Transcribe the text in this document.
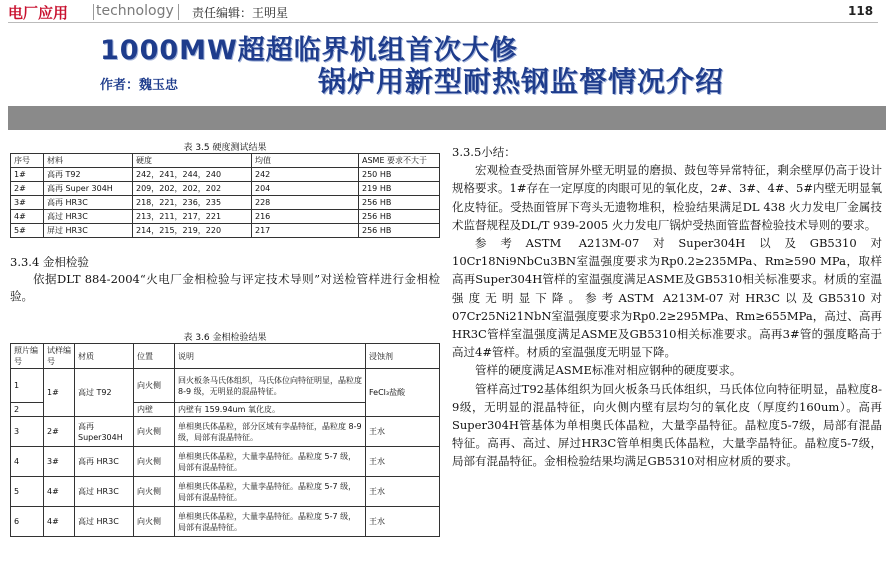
电厂应用 technology 责任编辑：王明星	118
1000MW超超临界机组首次大修
作者：魏玉忠	锅炉用新型耐热钢监督情况介绍
表 3.5 硬度测试结果
序号	材料	硬度	均值	ASME 要求不大于
1#	高再 T92	242，241，244，240	242	250 HB
2#	高再 Super 304H	209，202，202，202	204	219 HB
3#	高再 HR3C	218，221，236，235	228	256 HB
4#	高过 HR3C	213，211，217，221	216	256 HB
5#	屏过 HR3C	214，215，219，220	217	256 HB

3.3.4 金相检验

依据DLT 884-2004“火电厂金相检验与评定技术导则”对送检管样进行金相检验。

表 3.6 金相检验结果
照片编号	试样编号	材质	位置	说明	浸蚀剂
1	1#	高过 T92	向火侧	回火板条马氏体组织，马氏体位向特征明显，晶粒度 8-9 级，无明显的混晶特征。	FeCl₃盐酸
2			内壁	内壁有 159.94um 氧化皮。	
3	2#	高再 Super304H	向火侧	单相奥氏体晶粒，部分区域有孪晶特征，晶粒度 8-9 级，局部有混晶特征。	王水
4	3#	高再 HR3C	向火侧	单相奥氏体晶粒，大量孪晶特征。晶粒度 5-7 级，局部有混晶特征。	王水
5	4#	高过 HR3C	向火侧	单相奥氏体晶粒，大量孪晶特征。晶粒度 5-7 级，局部有混晶特征。	王水
6	4#	高过 HR3C	向火侧	单相奥氏体晶粒，大量孪晶特征。晶粒度 5-7 级，局部有混晶特征。	王水

3.3.5小结：

宏观检查受热面管屏外壁无明显的磨损、鼓包等异常特征，剩余壁厚仍高于设计规格要求。1#存在一定厚度的肉眼可见的氧化皮，2#、3#、4#、5#内壁无明显氧化皮特征。受热面管屏下弯头无遗物堆积，检验结果满足DL 438 火力发电厂金属技术监督规程及DL/T 939-2005 火力发电厂锅炉受热面管监督检验技术导则的要求。

参考ASTM A213M-07对Super304H以及GB5310对 10Cr18Ni9NbCu3BN室温强度要求为Rp0.2≥235MPa、Rm≥590 MPa，取样高再Super304H管样的室温强度满足ASME及GB5310相关标准要求。材质的室温强度无明显下降。参考ASTM A213M-07对HR3C以及GB5310对 07Cr25Ni21NbN室温强度要求为Rp0.2≥295MPa、Rm≥655MPa，高过、高再HR3C管样室温强度满足ASME及GB5310相关标准要求。高再3#管的强度略高于高过4#管样。材质的室温强度无明显下降。

管样的硬度满足ASME标准对相应钢种的硬度要求。

管样高过T92基体组织为回火板条马氏体组织，马氏体位向特征明显，晶粒度8-9级，无明显的混晶特征，向火侧内壁有层均匀的氧化皮（厚度约160um）。高再Super304H管基体为单相奥氏体晶粒，大量孪晶特征。晶粒度5-7级，局部有混晶特征。高再、高过、屏过HR3C管单相奥氏体晶粒，大量孪晶特征。晶粒度5-7级，局部有混晶特征。金相检验结果均满足GB5310对相应材质的要求。
